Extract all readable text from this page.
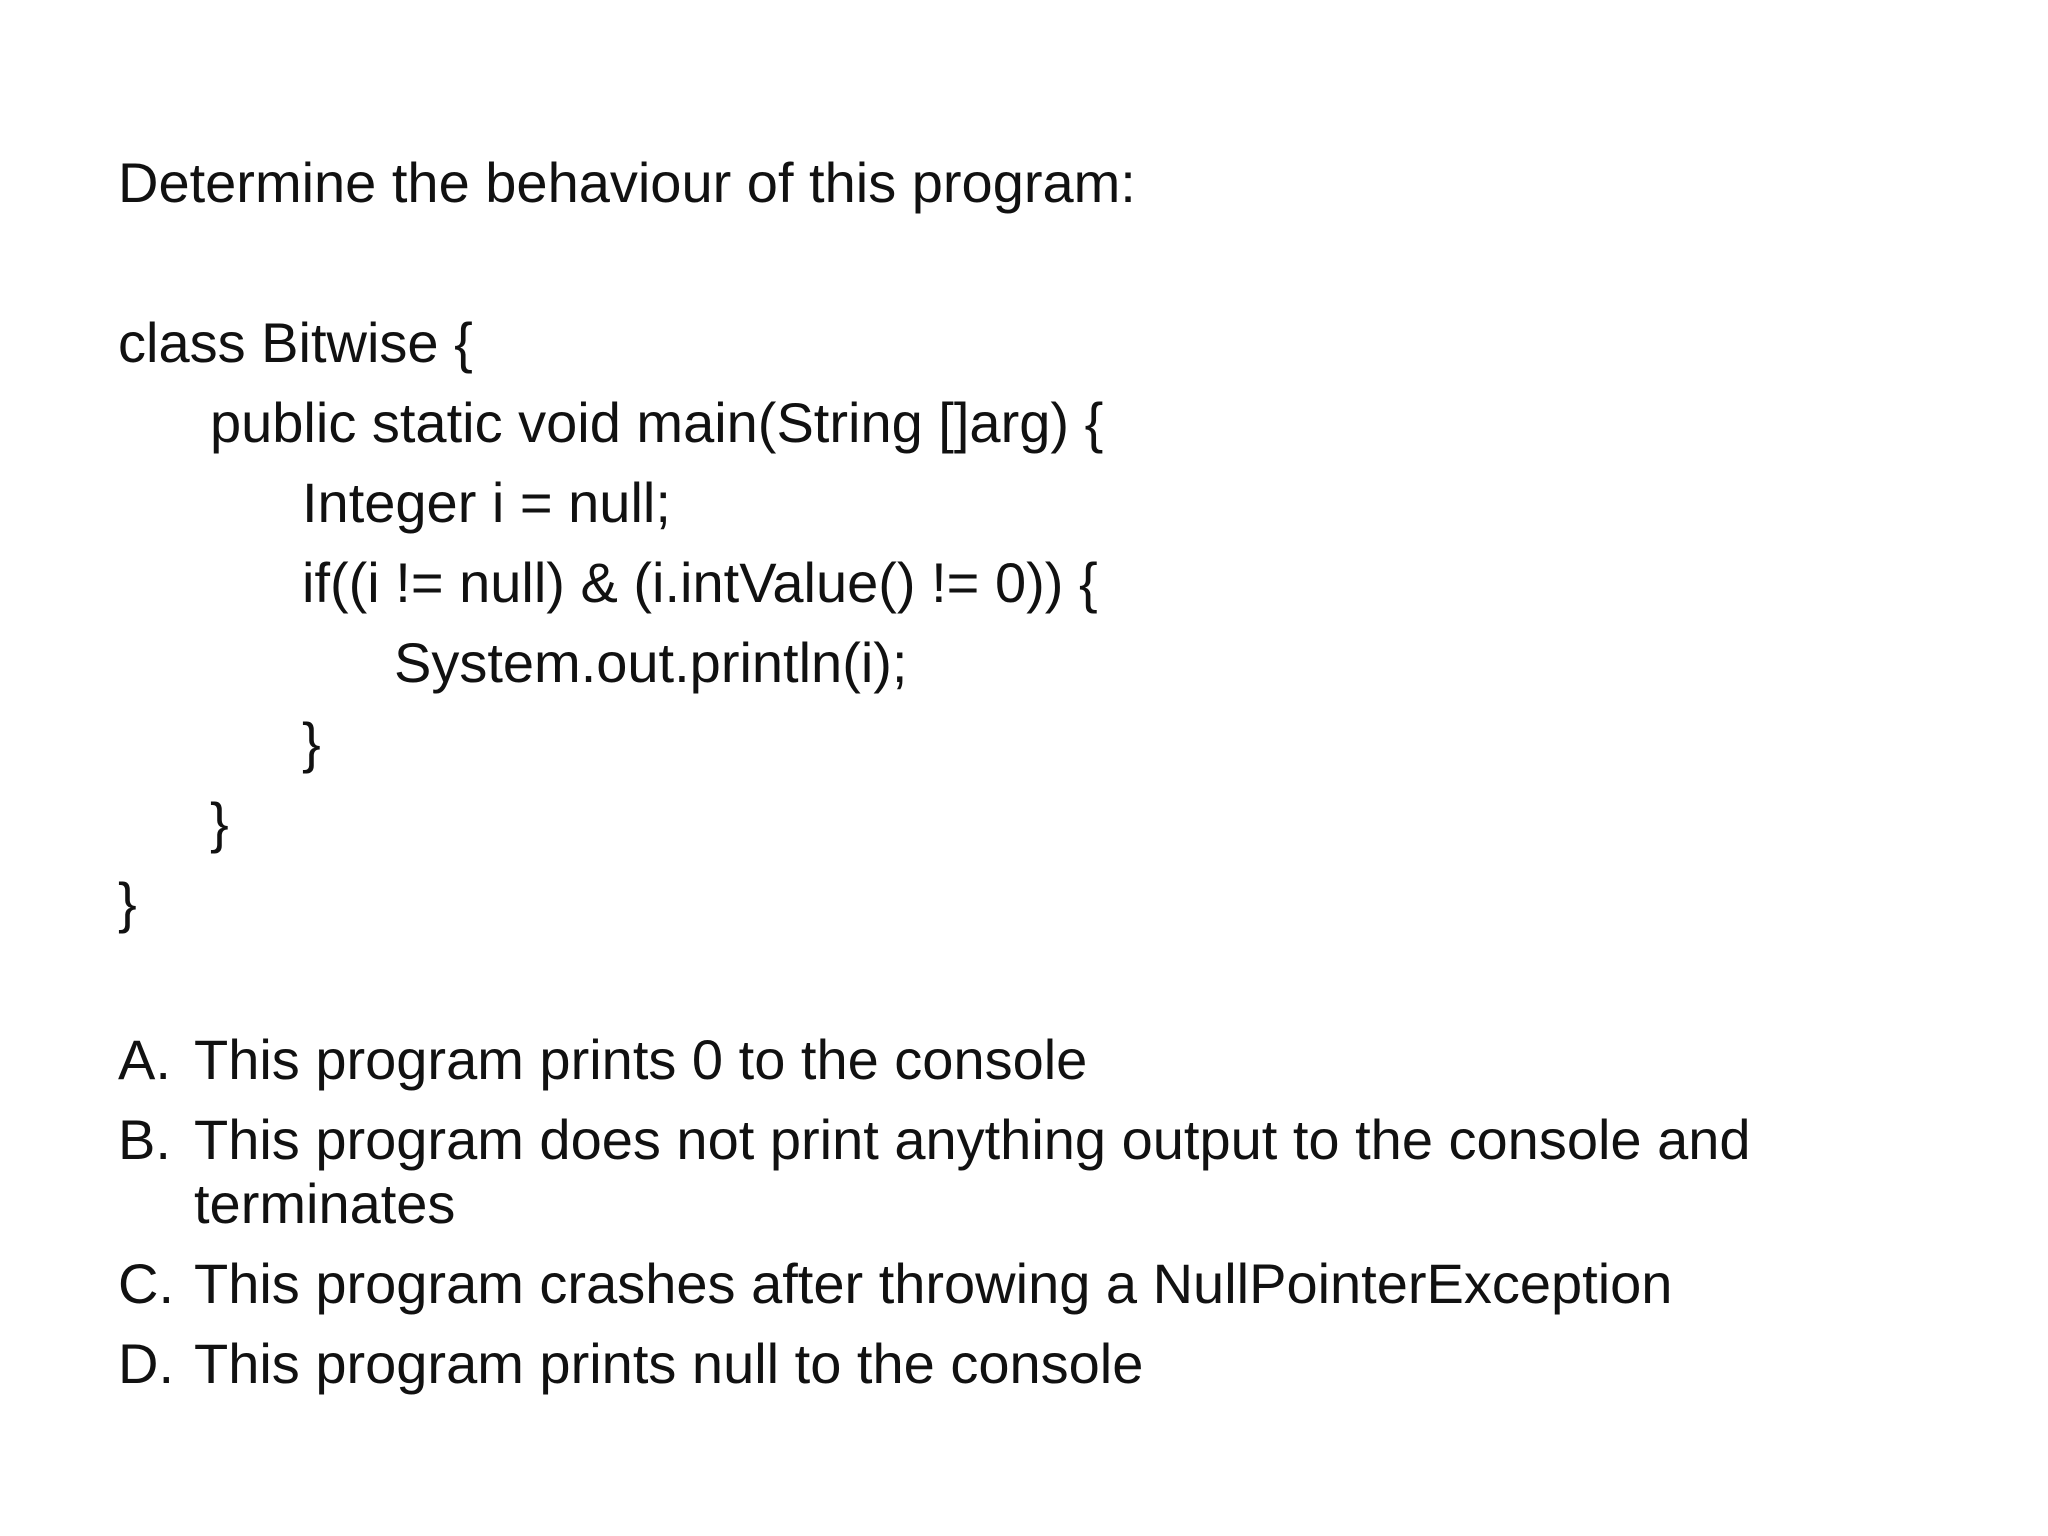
Determine the behaviour of this program:
class Bitwise {
public static void main(String []arg) {
Integer i = null;
if((i != null) & (i.intValue() != 0)) {
System.out.println(i);
}
}
}
A. This program prints 0 to the console
B. This program does not print anything output to the console and terminates
C. This program crashes after throwing a NullPointerException
D. This program prints null to the console
